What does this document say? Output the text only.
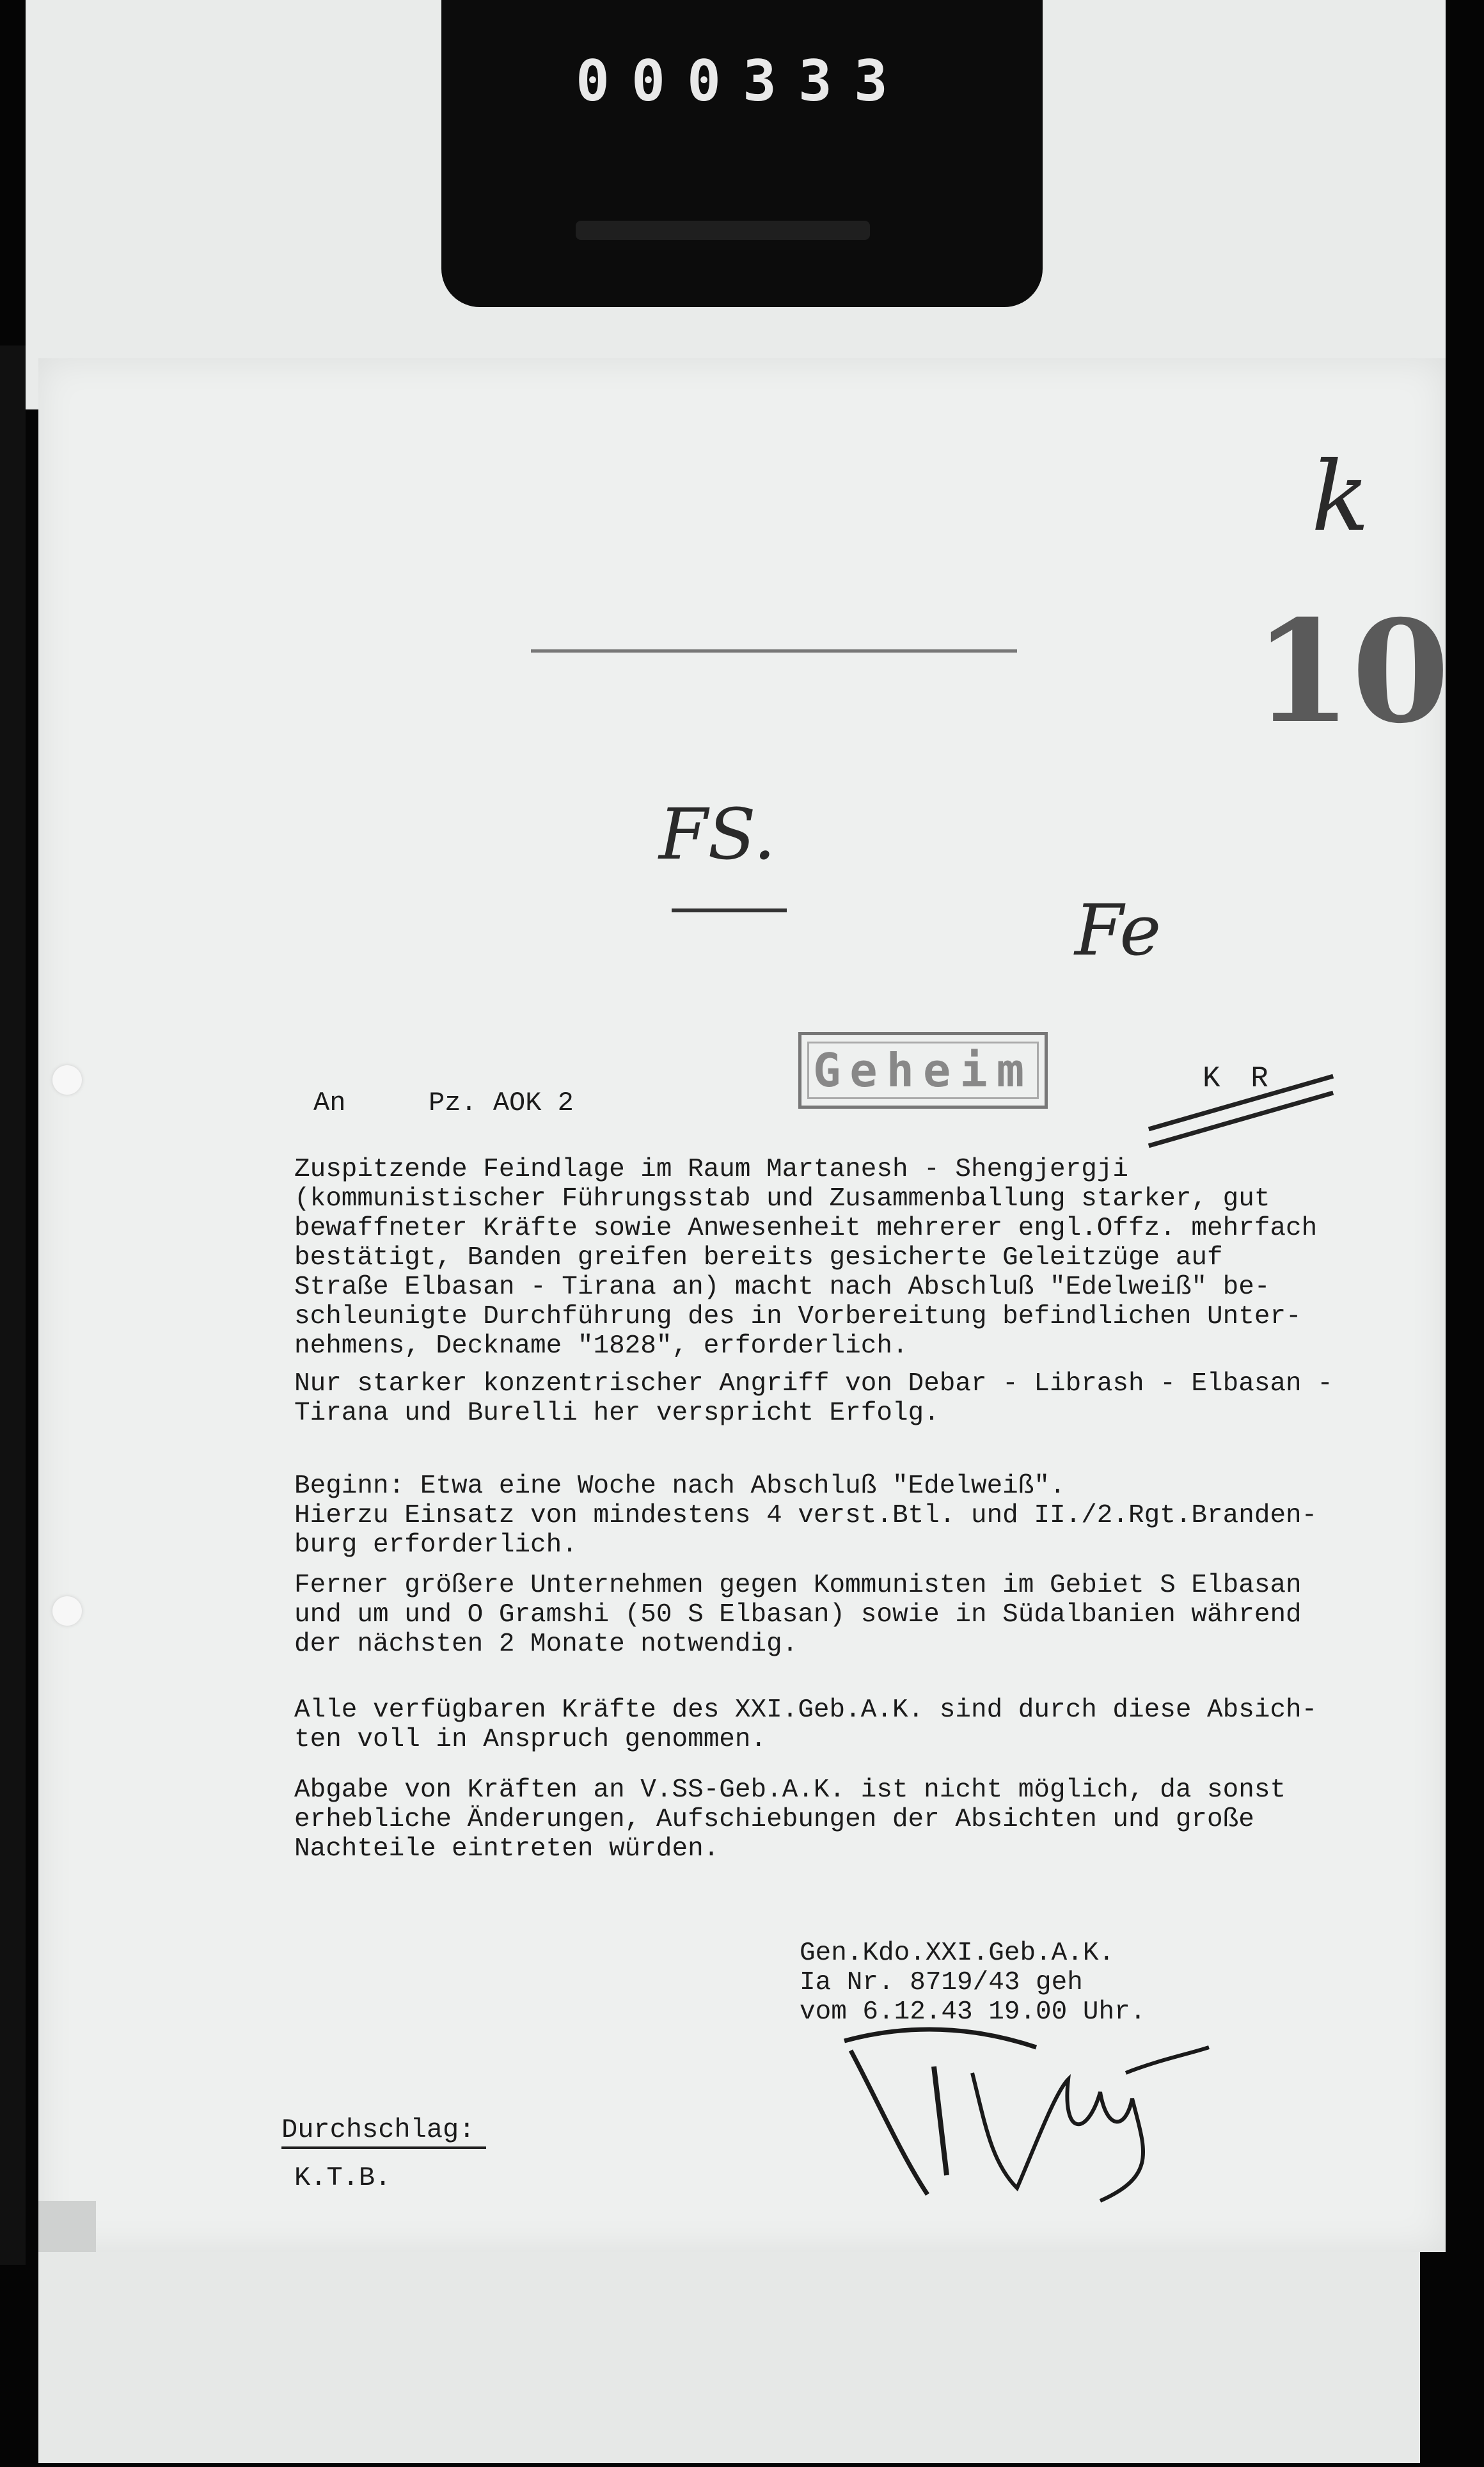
000333
k
10
FS.
Fe
Geheim	K R
An	Pz. AOK 2
Zuspitzende Feindlage im Raum Martanesh - Shengjergji
(kommunistischer Führungsstab und Zusammenballung starker, gut
bewaffneter Kräfte sowie Anwesenheit mehrerer engl.Offz. mehrfach
bestätigt, Banden greifen bereits gesicherte Geleitzüge auf
Straße Elbasan - Tirana an) macht nach Abschluß "Edelweiß" be-
schleunigte Durchführung des in Vorbereitung befindlichen Unter-
nehmens, Deckname "1828", erforderlich.
Nur starker konzentrischer Angriff von Debar - Librash - Elbasan -
Tirana und Burelli her verspricht Erfolg.
Beginn: Etwa eine Woche nach Abschluß "Edelweiß".
Hierzu Einsatz von mindestens 4 verst.Btl. und II./2.Rgt.Branden-
burg erforderlich.
Ferner größere Unternehmen gegen Kommunisten im Gebiet S Elbasan
und um und O Gramshi (50 S Elbasan) sowie in Südalbanien während
der nächsten 2 Monate notwendig.
Alle verfügbaren Kräfte des XXI.Geb.A.K. sind durch diese Absich-
ten voll in Anspruch genommen.
Abgabe von Kräften an V.SS-Geb.A.K. ist nicht möglich, da sonst
erhebliche Änderungen, Aufschiebungen der Absichten und große
Nachteile eintreten würden.
Gen.Kdo.XXI.Geb.A.K.
Ia Nr. 8719/43 geh
vom 6.12.43 19.00 Uhr.
Durchschlag:
K.T.B.
